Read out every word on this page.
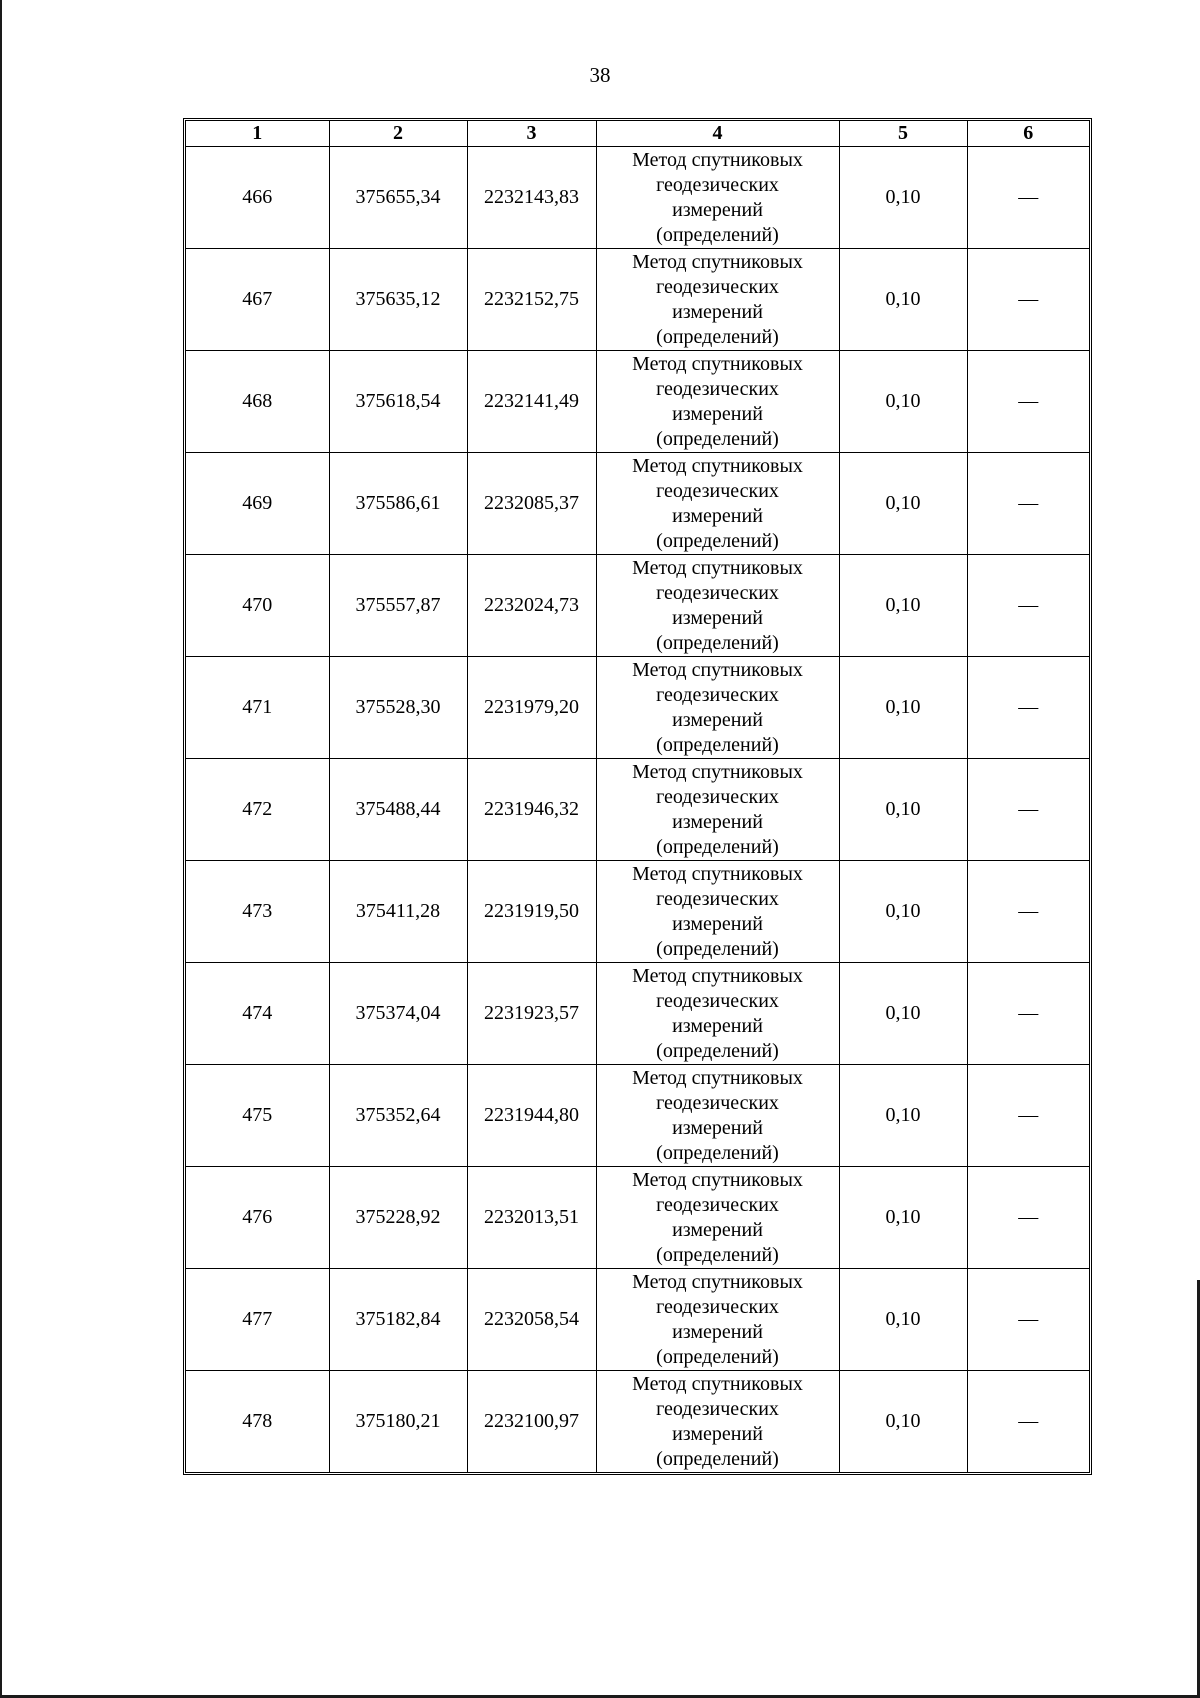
38
1	2	3	4	5	6
466	375655,34	2232143,83	Метод спутниковых
геодезических
измерений
(определений)	0,10	—
467	375635,12	2232152,75	Метод спутниковых
геодезических
измерений
(определений)	0,10	—
468	375618,54	2232141,49	Метод спутниковых
геодезических
измерений
(определений)	0,10	—
469	375586,61	2232085,37	Метод спутниковых
геодезических
измерений
(определений)	0,10	—
470	375557,87	2232024,73	Метод спутниковых
геодезических
измерений
(определений)	0,10	—
471	375528,30	2231979,20	Метод спутниковых
геодезических
измерений
(определений)	0,10	—
472	375488,44	2231946,32	Метод спутниковых
геодезических
измерений
(определений)	0,10	—
473	375411,28	2231919,50	Метод спутниковых
геодезических
измерений
(определений)	0,10	—
474	375374,04	2231923,57	Метод спутниковых
геодезических
измерений
(определений)	0,10	—
475	375352,64	2231944,80	Метод спутниковых
геодезических
измерений
(определений)	0,10	—
476	375228,92	2232013,51	Метод спутниковых
геодезических
измерений
(определений)	0,10	—
477	375182,84	2232058,54	Метод спутниковых
геодезических
измерений
(определений)	0,10	—
478	375180,21	2232100,97	Метод спутниковых
геодезических
измерений
(определений)	0,10	—
